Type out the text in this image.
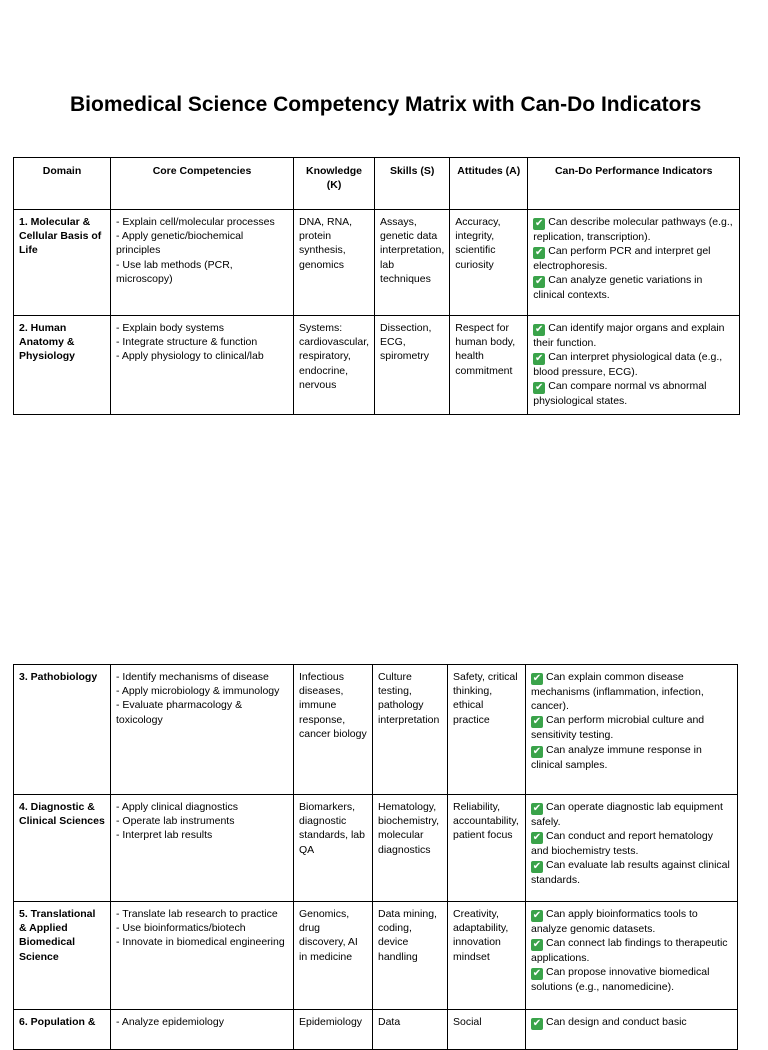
Biomedical Science Competency Matrix with Can-Do Indicators
Domain	Core Competencies	Knowledge (K)	Skills (S)	Attitudes (A)	Can-Do Performance Indicators
1. Molecular & Cellular Basis of Life	- Explain cell/molecular processes
- Apply genetic/biochemical principles
- Use lab methods (PCR, microscopy)	DNA, RNA, protein synthesis, genomics	Assays, genetic data interpretation, lab techniques	Accuracy, integrity, scientific curiosity	✔ Can describe molecular pathways (e.g., replication, transcription).
✔ Can perform PCR and interpret gel electrophoresis.
✔ Can analyze genetic variations in clinical contexts.

2. Human Anatomy & Physiology	- Explain body systems
- Integrate structure & function
- Apply physiology to clinical/lab	Systems: cardiovascular, respiratory, endocrine, nervous	Dissection, ECG, spirometry	Respect for human body, health commitment	✔ Can identify major organs and explain their function.
✔ Can interpret physiological data (e.g., blood pressure, ECG).
✔ Can compare normal vs abnormal physiological states.
3. Pathobiology	- Identify mechanisms of disease
- Apply microbiology & immunology
- Evaluate pharmacology & toxicology	Infectious diseases, immune response, cancer biology	Culture testing, pathology interpretation	Safety, critical thinking, ethical practice	✔ Can explain common disease mechanisms (inflammation, infection, cancer).
✔ Can perform microbial culture and sensitivity testing.
✔ Can analyze immune response in clinical samples.

4. Diagnostic & Clinical Sciences	- Apply clinical diagnostics
- Operate lab instruments
- Interpret lab results	Biomarkers, diagnostic standards, lab QA	Hematology, biochemistry, molecular diagnostics	Reliability, accountability, patient focus	✔ Can operate diagnostic lab equipment safely.
✔ Can conduct and report hematology and biochemistry tests.
✔ Can evaluate lab results against clinical standards.

5. Translational & Applied Biomedical Science	- Translate lab research to practice
- Use bioinformatics/biotech
- Innovate in biomedical engineering	Genomics, drug discovery, AI in medicine	Data mining, coding, device handling	Creativity, adaptability, innovation mindset	✔ Can apply bioinformatics tools to analyze genomic datasets.
✔ Can connect lab findings to therapeutic applications.
✔ Can propose innovative biomedical solutions (e.g., nanomedicine).

6. Population &	- Analyze epidemiology	Epidemiology	Data	Social	✔ Can design and conduct basic
